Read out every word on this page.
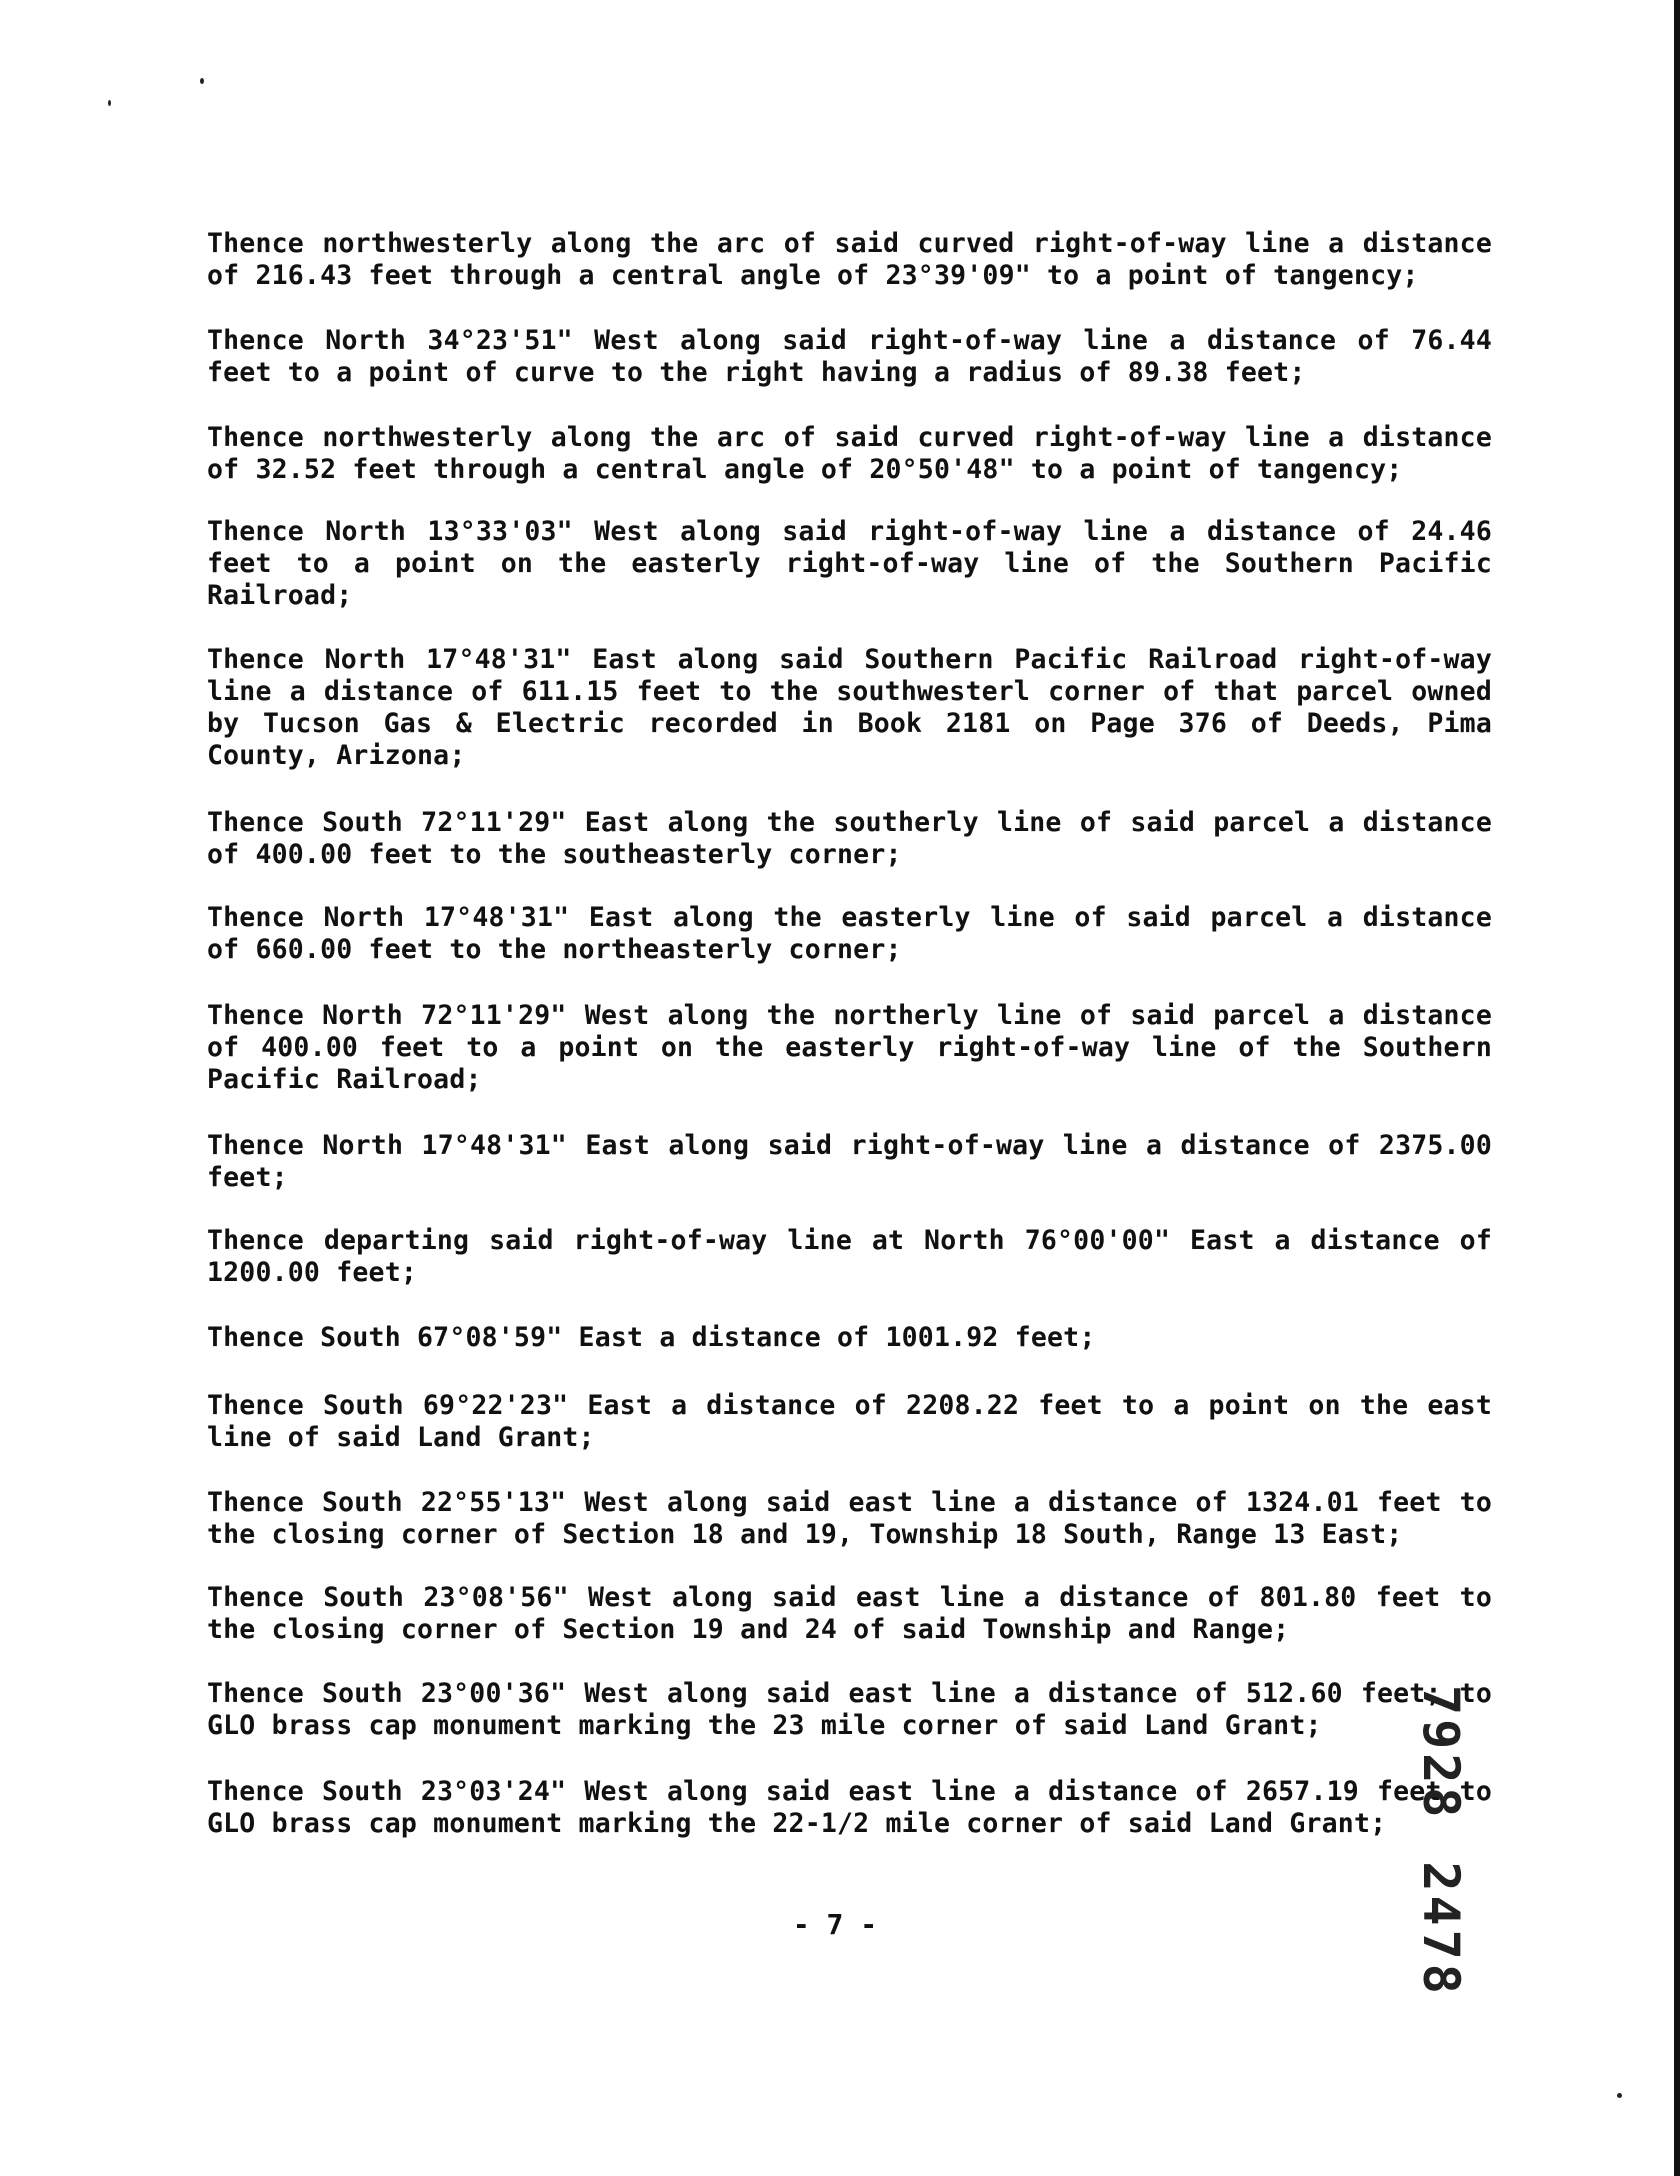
Thence northwesterly along the arc of said curved right-of-way line a distance of 216.43 feet through a central angle of 23°39'09" to a point of tangency;

Thence North 34°23'51" West along said right-of-way line a distance of 76.44 feet to a point of curve to the right having a radius of 89.38 feet;

Thence northwesterly along the arc of said curved right-of-way line a distance of 32.52 feet through a central angle of 20°50'48" to a point of tangency;

Thence North 13°33'03" West along said right-of-way line a distance of 24.46 feet to a point on the easterly right-of-way line of the Southern Pacific Railroad;

Thence North 17°48'31" East along said Southern Pacific Railroad right-of-way line a distance of 611.15 feet to the southwesterl corner of that parcel owned by Tucson Gas & Electric recorded in Book 2181 on Page 376 of Deeds, Pima County, Arizona;

Thence South 72°11'29" East along the southerly line of said parcel a distance of 400.00 feet to the southeasterly corner;

Thence North 17°48'31" East along the easterly line of said parcel a distance of 660.00 feet to the northeasterly corner;

Thence North 72°11'29" West along the northerly line of said parcel a distance of 400.00 feet to a point on the easterly right-of-way line of the Southern Pacific Railroad;

Thence North 17°48'31" East along said right-of-way line a distance of 2375.00 feet;

Thence departing said right-of-way line at North 76°00'00" East a distance of 1200.00 feet;

Thence South 67°08'59" East a distance of 1001.92 feet;

Thence South 69°22'23" East a distance of 2208.22 feet to a point on the east line of said Land Grant;

Thence South 22°55'13" West along said east line a distance of 1324.01 feet to the closing corner of Section 18 and 19, Township 18 South, Range 13 East;

Thence South 23°08'56" West along said east line a distance of 801.80 feet to the closing corner of Section 19 and 24 of said Township and Range;

Thence South 23°00'36" West along said east line a distance of 512.60 feet; to GLO brass cap monument marking the 23 mile corner of said Land Grant;

Thence South 23°03'24" West along said east line a distance of 2657.19 feet to GLO brass cap monument marking the 22-1/2 mile corner of said Land Grant;

- 7 -
79282478
